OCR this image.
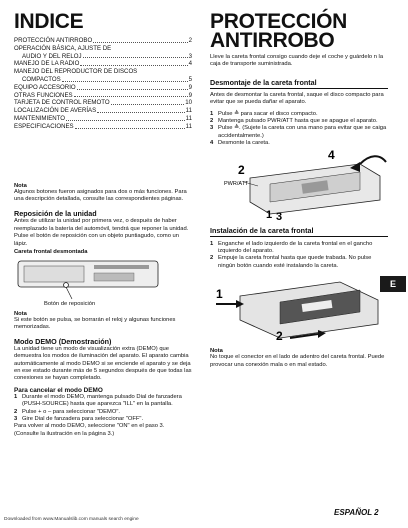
INDICE
PROTECCIÓN ANTIRROBO	2
OPERACIÓN BÁSICA, AJUSTE DE
AUDIO Y DEL RELOJ	3
MANEJO DE LA RADIO	4
MANEJO DEL REPRODUCTOR DE DISCOS
COMPACTOS	5
EQUIPO ACCESORIO	9
OTRAS FUNCIONES	9
TARJETA DE CONTROL REMOTO	10
LOCALIZACIÓN DE AVERÍAS	11
MANTENIMIENTO	11
ESPECIFICACIONES	11
Nota

Algunos botones fueron asignados para dos o más funciones. Para una descripción detallada, consulte las correspondientes páginas.

Reposición de la unidad

Antes de utilizar la unidad por primera vez, o después de haber reemplazado la batería del automóvil, tendrá que reponer la unidad. Pulse el botón de reposición con un objeto puntiagudo, como un lápiz.

Careta frontal desmontada
Botón de reposición
Nota

Si este botón se pulsa, se borrarán el reloj y algunas funciones memorizadas.

Modo DEMO (Demostración)

La unidad tiene un modo de visualización extra (DEMO) que demuestra los modos de iluminación del aparato. El aparato cambia automáticamente al modo DEMO si se enciende el aparato y se deja en ese estado durante más de 5 segundos después de que todas las conexiones se hayan completado.

Para cancelar el modo DEMO
1 Durante el modo DEMO, mantenga pulsado Dial de fanzadera (PUSH-SOURCE) hasta que aparezca "ILL" en la pantalla.
2 Pulse + o – para seleccionar "DEMO".
3 Gire Dial de fanzadera para seleccionar "OFF".

Para volver al modo DEMO, seleccione "ON" en el paso 3.

(Consulte la ilustración en la página 3.)

PROTECCIÓN
ANTIRROBO

Lleve la careta frontal consigo cuando deje el coche y guárdelo n la caja de transporte suministrada.

Desmontaje de la careta frontal

Antes de desmontar la careta frontal, saque el disco compacto para evitar que se pueda dañar el aparato.

1 Pulse ≜ para sacar el disco compacto.
2 Mantenga pulsado PWR/ATT hasta que se apague el aparato.
3 Pulse ≜. (Sujete la careta con una mano para evitar que se caiga accidentalmente.)
4 Desmonte la careta.
4
2
PWR/ATT
1 3
Instalación de la careta frontal
1 Enganche el lado izquierdo de la careta frontal en el gancho izquierdo del aparato.
2 Empuje la careta frontal hasta que quede trabada. No pulse ningún botón cuando esté instalando la careta.
1
2
Nota

No toque el conector en el lado de adentro del careta frontal. Puede provocar una conexión mala o en mal estado.

E
Downloaded from www.Manualslib.com manuals search engine
ESPAÑOL 2
